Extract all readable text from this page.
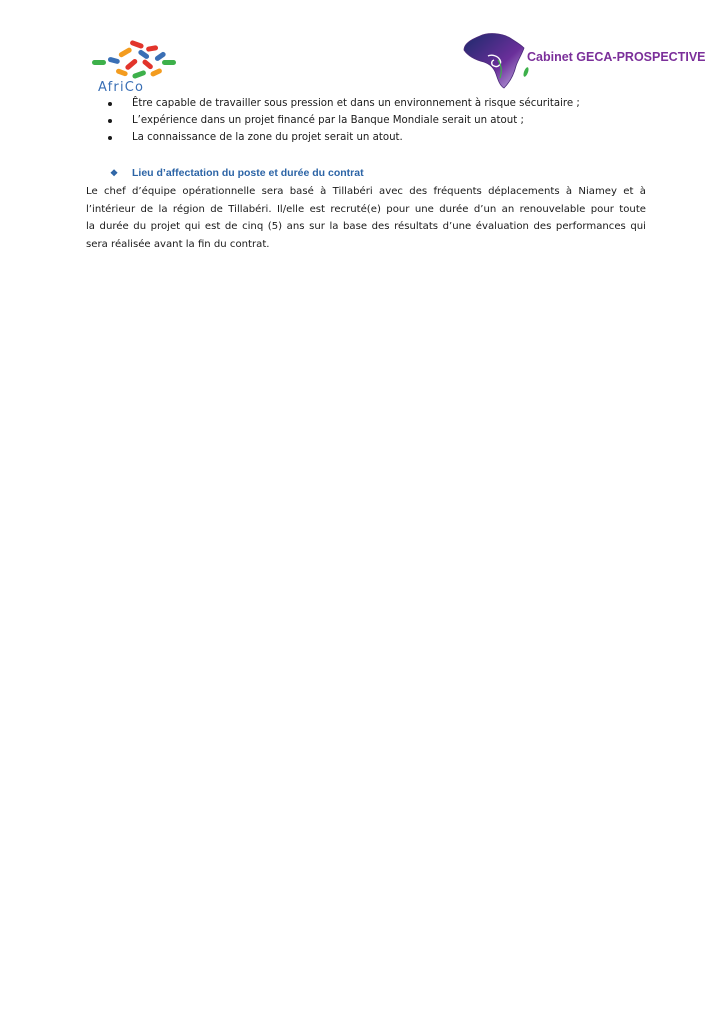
AfriCo
Cabinet GECA-PROSPECTIVE
Être capable de travailler sous pression et dans un environnement à risque sécuritaire ;
L’expérience dans un projet financé par la Banque Mondiale serait un atout ;
La connaissance de la zone du projet serait un atout.
❖	Lieu d’affectation du poste et durée du contrat
Le chef d’équipe opérationnelle sera basé à Tillabéri avec des fréquents déplacements à Niamey et à
l’intérieur de la région de Tillabéri. Il/elle est recruté(e) pour une durée d’un an renouvelable pour toute
la durée du projet qui est de cinq (5) ans sur la base des résultats d’une évaluation des performances qui
sera réalisée avant la fin du contrat.
